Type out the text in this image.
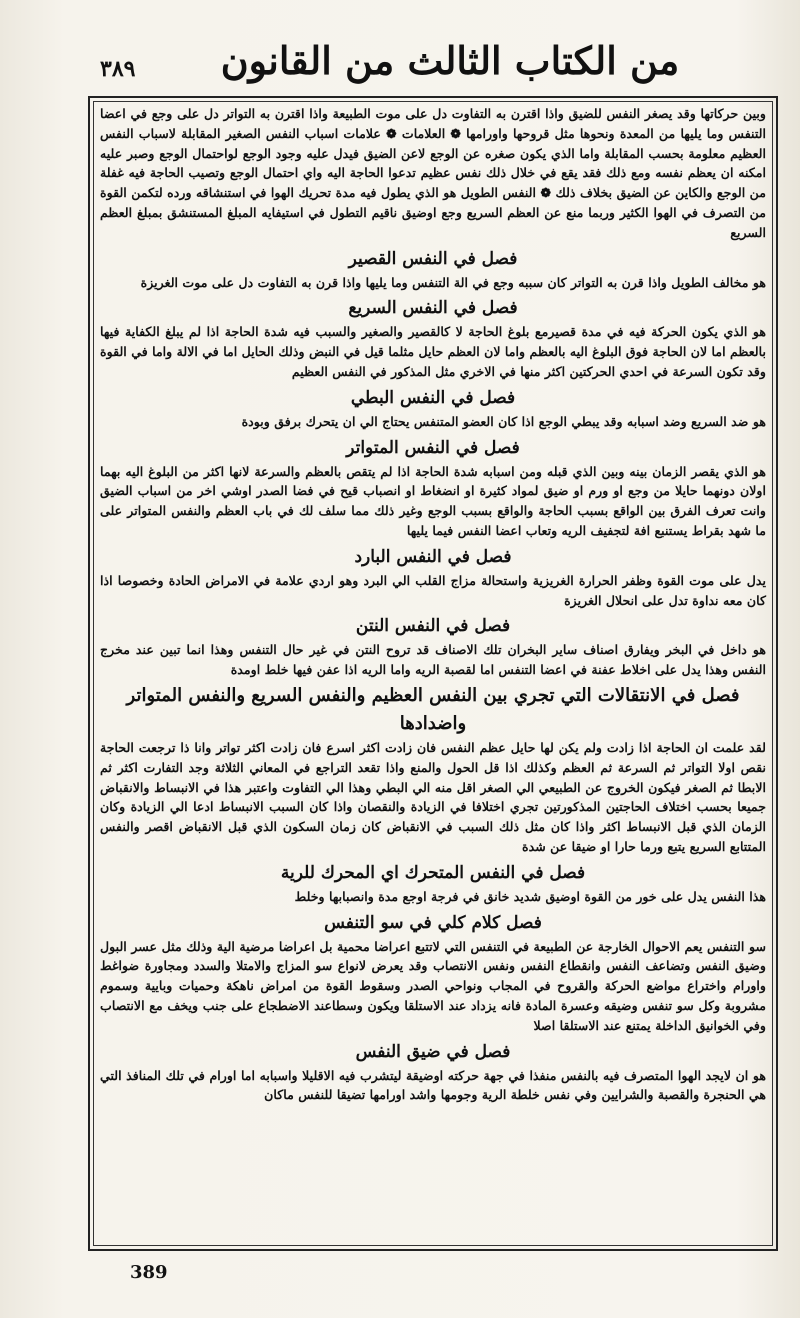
من الكتاب الثالث من القانون
٣٨٩

وبين حركاتها وقد يصغر النفس للضيق واذا اقترن به التفاوت دل على موت الطبيعة واذا اقترن به التواتر دل على وجع في اعضا التنفس وما يليها من المعدة ونحوها مثل قروحها واورامها ❁ العلامات ❁ علامات اسباب النفس الصغير المقابلة لاسباب النفس العظيم معلومة بحسب المقابلة واما الذي يكون صغره عن الوجع لاعن الضيق فيدل عليه وجود الوجع لواحتمال الوجع وصبر عليه امكنه ان يعظم نفسه ومع ذلك فقد يقع في خلال ذلك نفس عظيم تدعوا الحاجة اليه واي احتمال الوجع وتصيب الحاجة فيه غفلة من الوجع والكاين عن الضيق بخلاف ذلك ❁ النفس الطويل هو الذي يطول فيه مدة تحريك الهوا في استنشاقه ورده لتكمن القوة من التصرف في الهوا الكثير وربما منع عن العظم السريع وجع اوضيق ناقيم التطول في استيفايه المبلغ المستنشق بمبلغ العظم السريع

فصل في النفس القصير

هو مخالف الطويل واذا قرن به التواتر كان سببه وجع في الة التنفس وما يليها واذا قرن به التفاوت دل على موت الغريزة

فصل في النفس السريع

هو الذي يكون الحركة فيه في مدة قصيرمع بلوغ الحاجة لا كالقصير والصغير والسبب فيه شدة الحاجة اذا لم يبلغ الكفاية فيها بالعظم اما لان الحاجة فوق البلوغ اليه بالعظم واما لان العظم حايل مثلما قيل في النبض وذلك الحايل اما في الالة واما في القوة وقد تكون السرعة في احدي الحركتين اكثر منها في الاخري مثل المذكور في النفس العظيم

فصل في النفس البطي

هو ضد السريع وضد اسبابه وقد يبطي الوجع اذا كان العضو المتنفس يحتاج الي ان يتحرك برفق وبودة

فصل في النفس المتواتر

هو الذي يقصر الزمان بينه وبين الذي قبله ومن اسبابه شدة الحاجة اذا لم يتقص بالعظم والسرعة لانها اكثر من البلوغ اليه بهما اولان دونهما حايلا من وجع او ورم او ضيق لمواد كثيرة او انضغاط او انصباب قيح في فضا الصدر اوشي اخر من اسباب الضيق وانت تعرف الفرق بين الواقع بسبب الحاجة والواقع بسبب الوجع وغير ذلك مما سلف لك في باب العظم والنفس المتواتر على ما شهد بقراط يستنبع افة لتجفيف الريه وتعاب اعضا النفس فيما يليها

فصل في النفس البارد

يدل على موت القوة وظفر الحرارة الغريزية واستحالة مزاج القلب الي البرد وهو اردي علامة في الامراض الحادة وخصوصا اذا كان معه نداوة تدل على انحلال الغريزة

فصل في النفس النتن

هو داخل في البخر ويفارق اصناف ساير البخران تلك الاصناف قد تروح النتن في غير حال التنفس وهذا انما تبين عند مخرج النفس وهذا يدل على اخلاط عفنة في اعضا التنفس اما لقصبة الريه واما الريه اذا عفن فيها خلط اومدة

فصل في الانتقالات التي تجري بين النفس العظيم والنفس السريع والنفس المتواتر واضدادها

لقد علمت ان الحاجة اذا زادت ولم يكن لها حايل عظم النفس فان زادت اكثر اسرع فان زادت اكثر تواتر وانا ذا ترجعت الحاجة نقص اولا التواتر ثم السرعة ثم العظم وكذلك اذا قل الحول والمنع واذا تقعد التراجع في المعاني الثلاثة وجد التفارت اكثر ثم الابطا ثم الصغر فيكون الخروج عن الطبيعي الي الصغر اقل منه الي البطي وهذا الي التفاوت واعتبر هذا في الانبساط والانقباض جميعا بحسب اختلاف الحاجتين المذكورتين تجري اختلافا في الزيادة والنقصان واذا كان السبب الانبساط ادعا الي الزيادة وكان الزمان الذي قبل الانبساط اكثر واذا كان مثل ذلك السبب في الانقباض كان زمان السكون الذي قبل الانقباض اقصر والنفس المتتابع السريع يتبع ورما حارا او ضيقا عن شدة

فصل في النفس المتحرك اي المحرك للرية

هذا النفس يدل على خور من القوة اوضيق شديد خانق في فرجة اوجع مدة وانصبابها وخلط

فصل كلام كلي في سو التنفس

سو التنفس يعم الاحوال الخارجة عن الطبيعة في التنفس التي لاتتبع اعراضا محمية بل اعراضا مرضية الية وذلك مثل عسر البول وضيق النفس وتضاعف النفس وانقطاع النفس ونفس الانتصاب وقد يعرض لانواع سو المزاج والامتلا والسدد ومجاورة ضواغط واورام واختراع مواضع الحركة والقروح في المجاب ونواحي الصدر وسقوط القوة من امراض ناهكة وحميات وبايية وسموم مشروبة وكل سو تنفس وضيقه وعسرة المادة فانه يزداد عند الاستلقا ويكون وسطاعند الاضطجاع على جنب ويخف مع الانتصاب وفي الخوانيق الداخلة يمتنع عند الاستلقا اصلا

فصل في ضيق النفس

هو ان لايجد الهوا المتصرف فيه بالنفس منفذا في جهة حركته اوضيقة ليتشرب فيه الاقليلا واسبابه اما اورام في تلك المنافذ التي هي الحنجرة والقصبة والشرايين وفي نفس خلطة الرية وجومها واشد اورامها تضيقا للنفس ماكان

389
